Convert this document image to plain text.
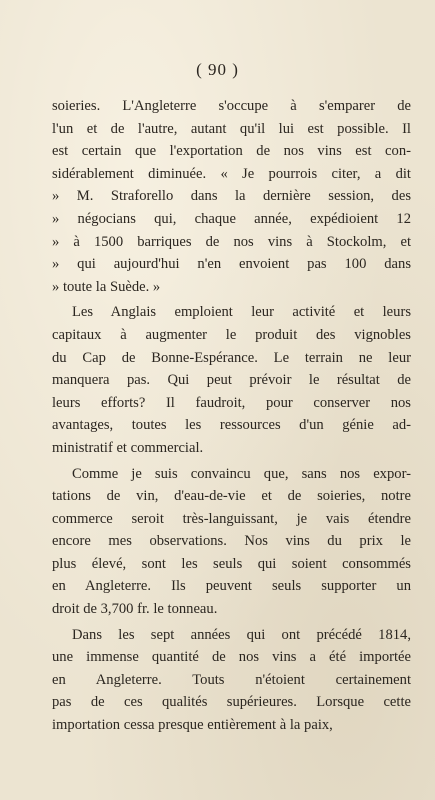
( 90 )
soieries. L'Angleterre s'occupe à s'emparer de
l'un et de l'autre, autant qu'il lui est possible. Il
est certain que l'exportation de nos vins est con-
sidérablement diminuée. « Je pourrois citer, a dit
» M. Straforello dans la dernière session, des
» négocians qui, chaque année, expédioient 12
» à 1500 barriques de nos vins à Stockolm, et
» qui aujourd'hui n'en envoient pas 100 dans
» toute la Suède. »
Les Anglais emploient leur activité et leurs
capitaux à augmenter le produit des vignobles
du Cap de Bonne-Espérance. Le terrain ne leur
manquera pas. Qui peut prévoir le résultat de
leurs efforts? Il faudroit, pour conserver nos
avantages, toutes les ressources d'un génie ad-
ministratif et commercial.
Comme je suis convaincu que, sans nos expor-
tations de vin, d'eau-de-vie et de soieries, notre
commerce seroit très-languissant, je vais étendre
encore mes observations. Nos vins du prix le
plus élevé, sont les seuls qui soient consommés
en Angleterre. Ils peuvent seuls supporter un
droit de 3,700 fr. le tonneau.
Dans les sept années qui ont précédé 1814,
une immense quantité de nos vins a été importée
en Angleterre. Touts n'étoient certainement
pas de ces qualités supérieures. Lorsque cette
importation cessa presque entièrement à la paix,
